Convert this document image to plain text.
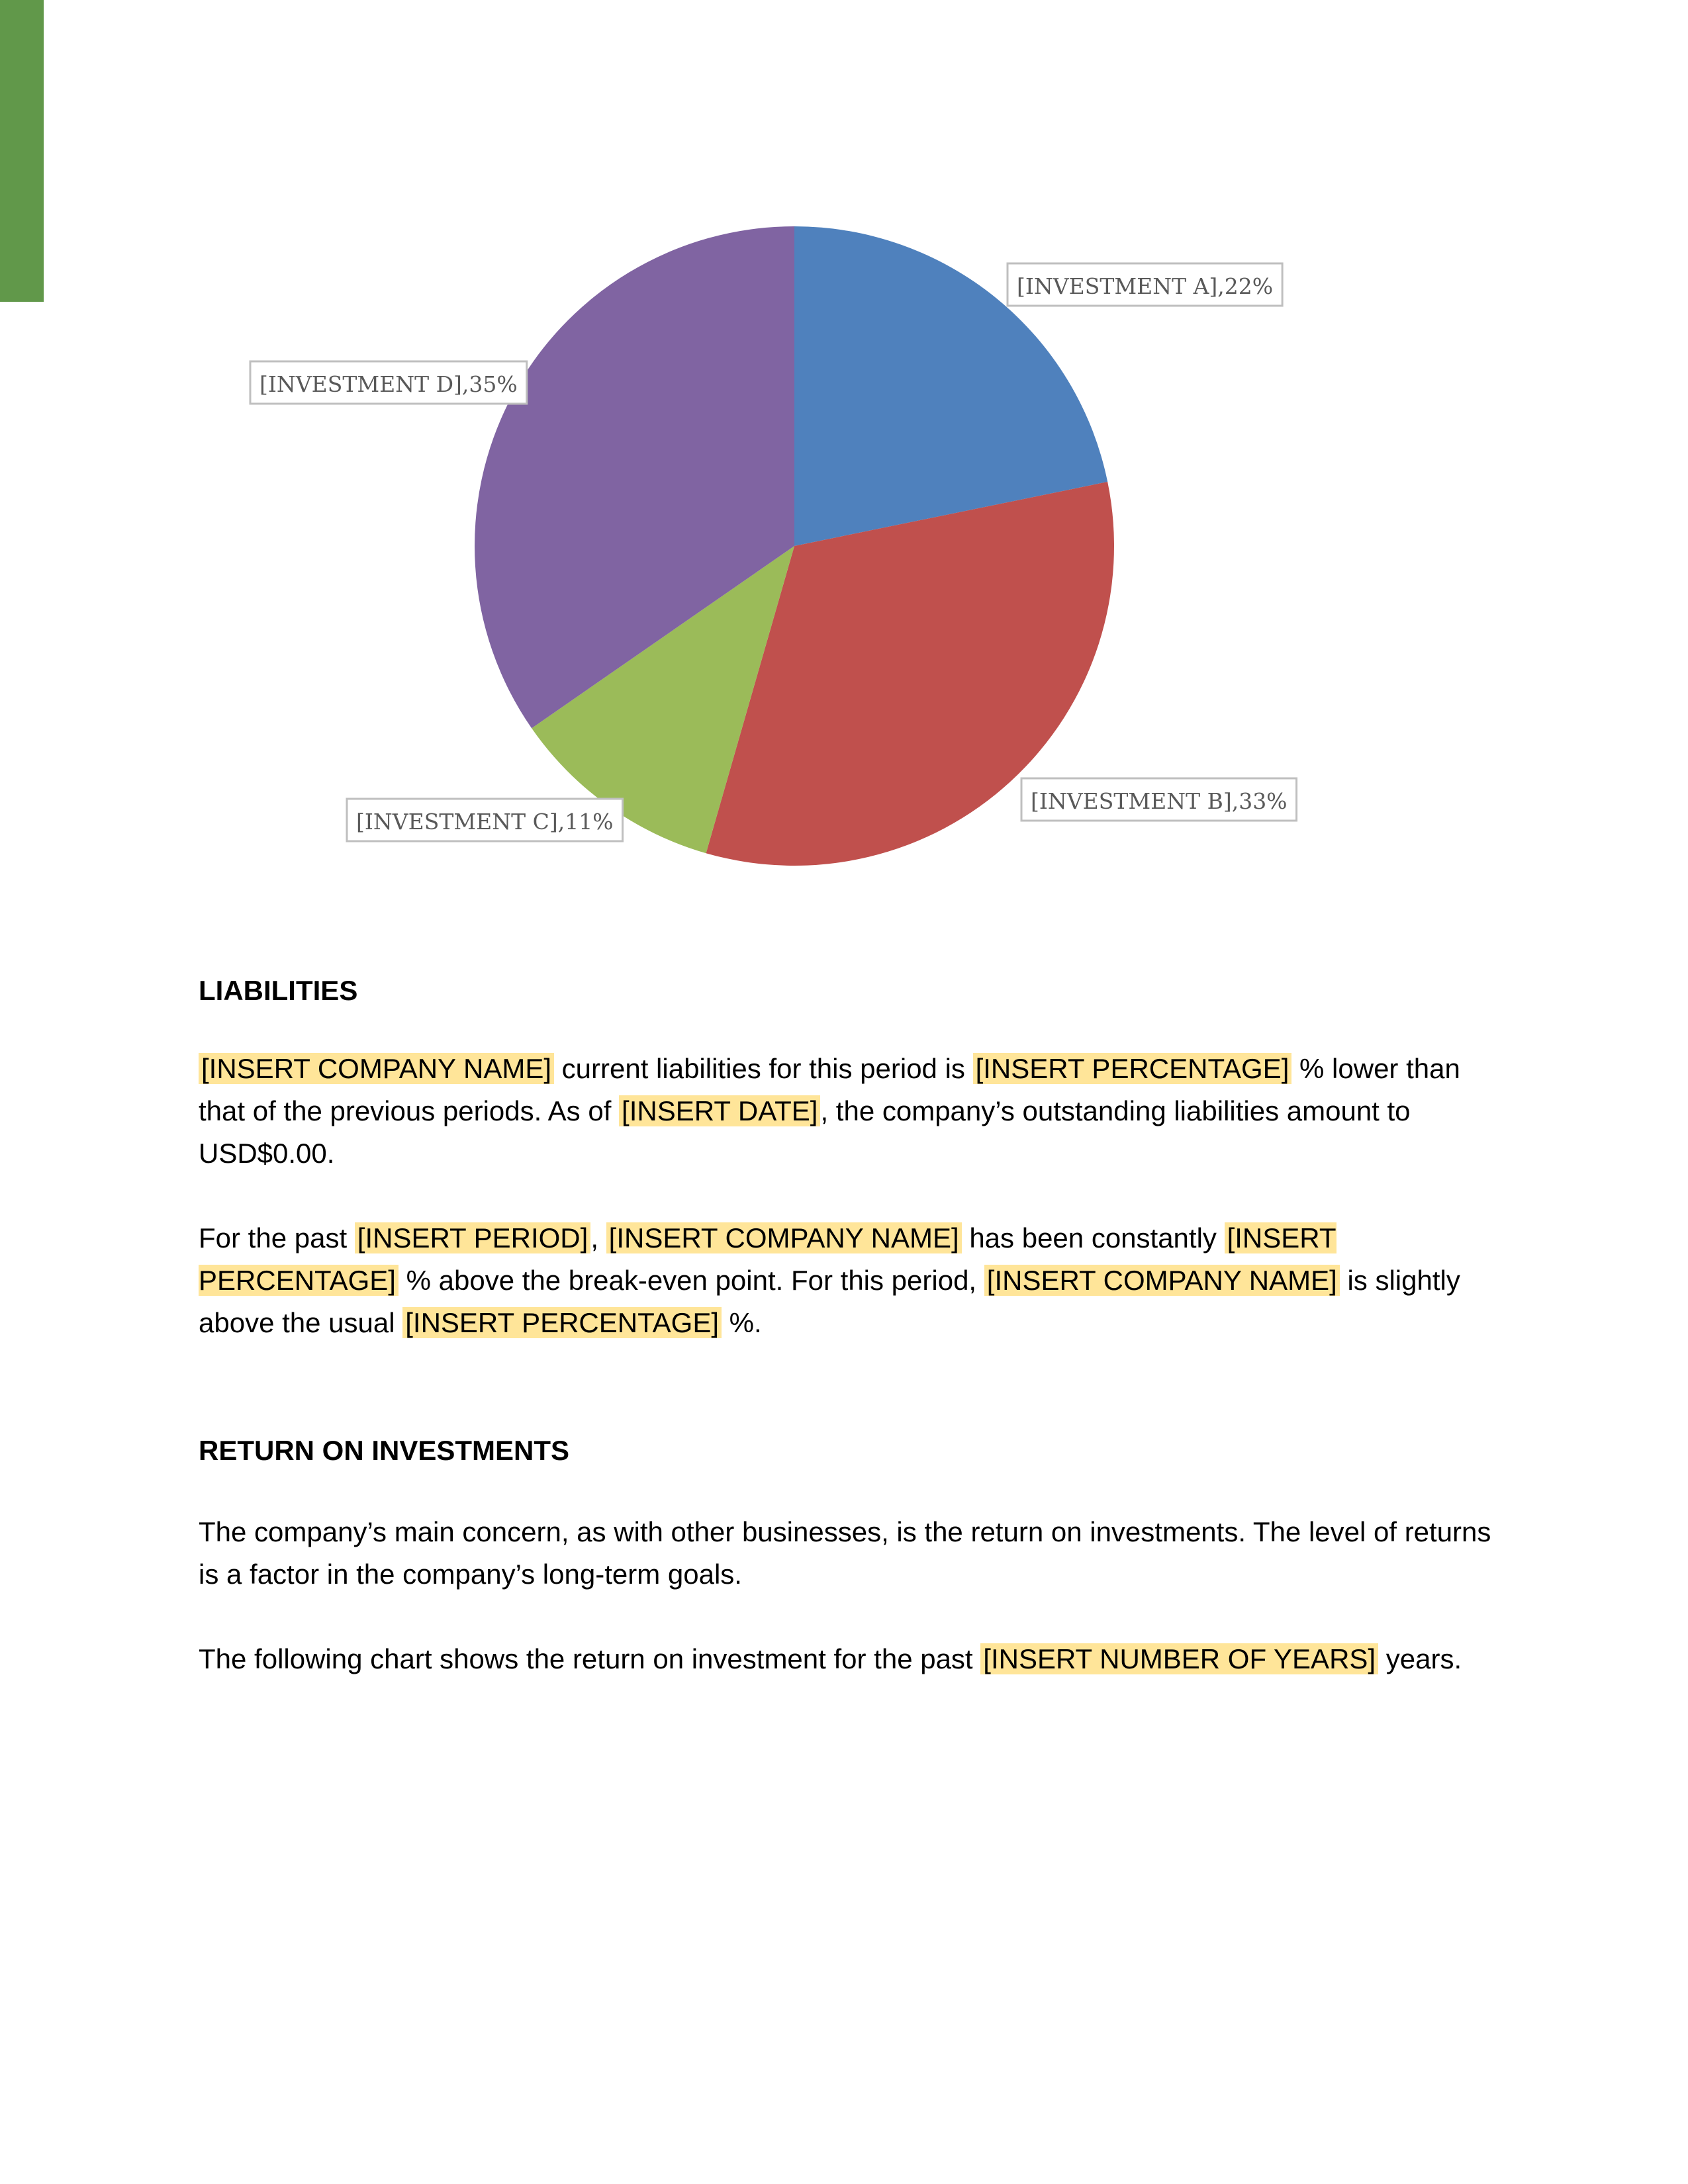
[INVESTMENT A],22%
[INVESTMENT B],33%
[INVESTMENT C],11%
[INVESTMENT D],35%
LIABILITIES

[INSERT COMPANY NAME] current liabilities for this period is [INSERT PERCENTAGE] % lower than that of the previous periods. As of [INSERT DATE], the company’s outstanding liabilities amount to USD$0.00.

For the past [INSERT PERIOD], [INSERT COMPANY NAME] has been constantly [INSERT PERCENTAGE] % above the break-even point. For this period, [INSERT COMPANY NAME] is slightly above the usual [INSERT PERCENTAGE] %.

RETURN ON INVESTMENTS

The company’s main concern, as with other businesses, is the return on investments. The level of returns is a factor in the company’s long-term goals.

The following chart shows the return on investment for the past [INSERT NUMBER OF YEARS] years.
